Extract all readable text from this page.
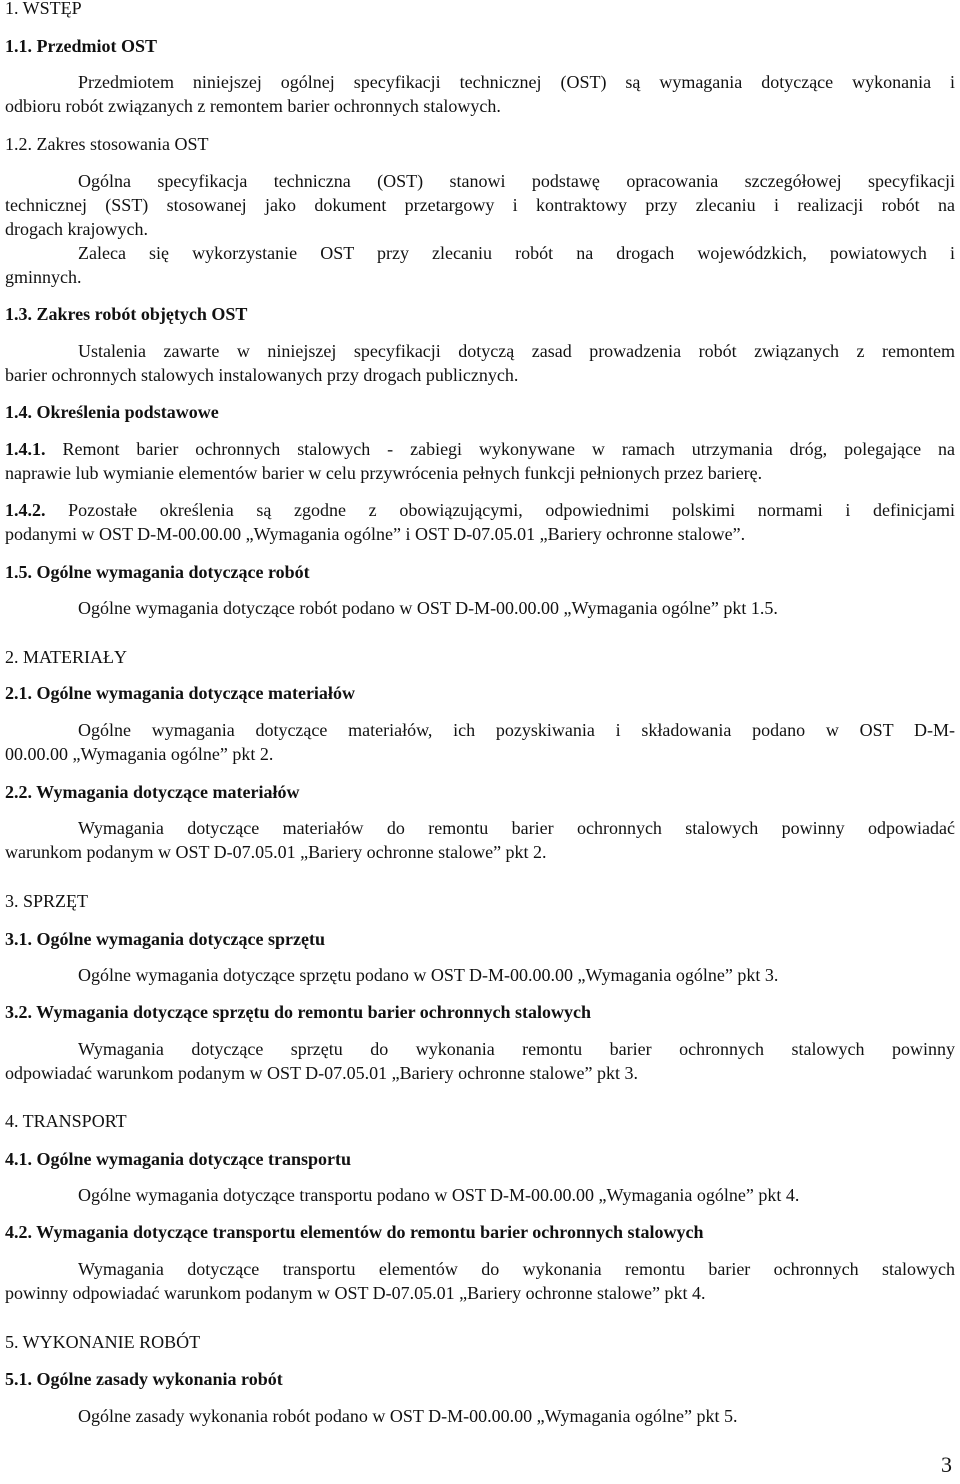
1. WSTĘP
1.1. Przedmiot OST
Przedmiotem niniejszej ogólnej specyfikacji technicznej (OST) są wymagania dotyczące wykonania i
odbioru robót związanych z remontem barier ochronnych stalowych.
1.2. Zakres stosowania OST
Ogólna specyfikacja techniczna (OST) stanowi podstawę opracowania szczegółowej specyfikacji
technicznej (SST) stosowanej jako dokument przetargowy i kontraktowy przy zlecaniu i realizacji robót na
drogach krajowych.
Zaleca się wykorzystanie OST przy zlecaniu robót na drogach wojewódzkich, powiatowych i
gminnych.
1.3. Zakres robót objętych OST
Ustalenia zawarte w niniejszej specyfikacji dotyczą zasad prowadzenia robót związanych z remontem
barier ochronnych stalowych instalowanych przy drogach publicznych.
1.4. Określenia podstawowe
1.4.1. Remont barier ochronnych stalowych - zabiegi wykonywane w ramach utrzymania dróg, polegające na
naprawie lub wymianie elementów barier w celu przywrócenia pełnych funkcji pełnionych przez barierę.
1.4.2. Pozostałe określenia są zgodne z obowiązującymi, odpowiednimi polskimi normami i definicjami
podanymi w OST D-M-00.00.00 „Wymagania ogólne” i OST D-07.05.01 „Bariery ochronne stalowe”.
1.5. Ogólne wymagania dotyczące robót
Ogólne wymagania dotyczące robót podano w OST D-M-00.00.00 „Wymagania ogólne” pkt 1.5.
2. MATERIAŁY
2.1. Ogólne wymagania dotyczące materiałów
Ogólne wymagania dotyczące materiałów, ich pozyskiwania i składowania podano w OST D-M-
00.00.00 „Wymagania ogólne” pkt 2.
2.2. Wymagania dotyczące materiałów
Wymagania dotyczące materiałów do remontu barier ochronnych stalowych powinny odpowiadać
warunkom podanym w OST D-07.05.01 „Bariery ochronne stalowe” pkt 2.
3. SPRZĘT
3.1. Ogólne wymagania dotyczące sprzętu
Ogólne wymagania dotyczące sprzętu podano w OST D-M-00.00.00 „Wymagania ogólne” pkt 3.
3.2. Wymagania dotyczące sprzętu do remontu barier ochronnych stalowych
Wymagania dotyczące sprzętu do wykonania remontu barier ochronnych stalowych powinny
odpowiadać warunkom podanym w OST D-07.05.01 „Bariery ochronne stalowe” pkt 3.
4. TRANSPORT
4.1. Ogólne wymagania dotyczące transportu
Ogólne wymagania dotyczące transportu podano w OST D-M-00.00.00 „Wymagania ogólne” pkt 4.
4.2. Wymagania dotyczące transportu elementów do remontu barier ochronnych stalowych
Wymagania dotyczące transportu elementów do wykonania remontu barier ochronnych stalowych
powinny odpowiadać warunkom podanym w OST D-07.05.01 „Bariery ochronne stalowe” pkt 4.
5. WYKONANIE ROBÓT
5.1. Ogólne zasady wykonania robót
Ogólne zasady wykonania robót podano w OST D-M-00.00.00 „Wymagania ogólne” pkt 5.
3
